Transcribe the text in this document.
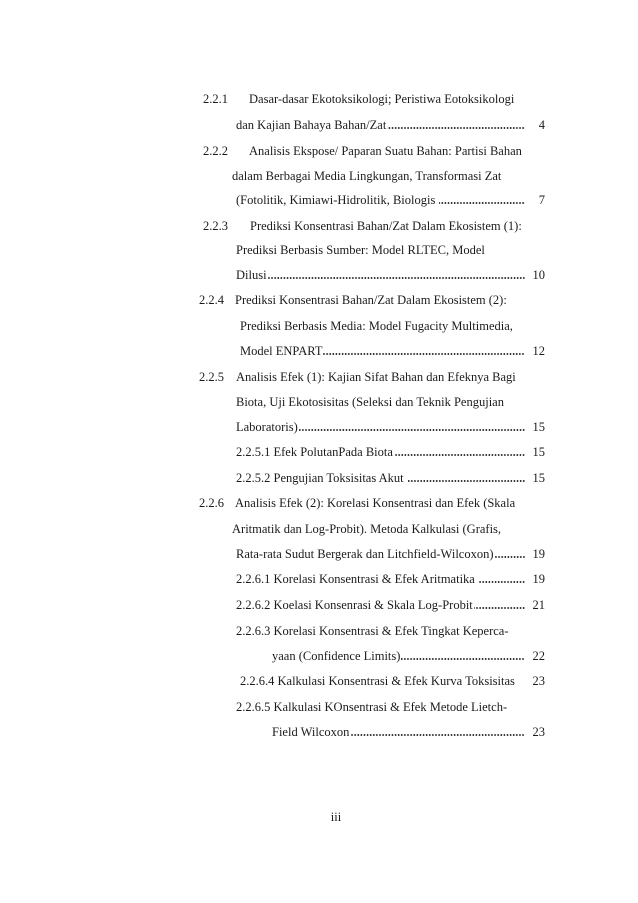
2.2.1 Dasar-dasar Ekotoksikologi; Peristiwa Eotoksikologi
dan Kajian Bahaya Bahan/Zat	4
2.2.2 Analisis Ekspose/ Paparan Suatu Bahan: Partisi Bahan
dalam Berbagai Media Lingkungan, Transformasi Zat
(Fotolitik, Kimiawi-Hidrolitik, Biologis	7
2.2.3 Prediksi Konsentrasi Bahan/Zat Dalam Ekosistem (1):
Prediksi Berbasis Sumber: Model RLTEC, Model
Dilusi	10
2.2.4 Prediksi Konsentrasi Bahan/Zat Dalam Ekosistem (2):
Prediksi Berbasis Media: Model Fugacity Multimedia,
Model ENPART	12
2.2.5 Analisis Efek (1): Kajian Sifat Bahan dan Efeknya Bagi
Biota, Uji Ekotosisitas (Seleksi dan Teknik Pengujian
Laboratoris)	15
2.2.5.1 Efek PolutanPada Biota	15
2.2.5.2 Pengujian Toksisitas Akut	15
2.2.6 Analisis Efek (2): Korelasi Konsentrasi dan Efek (Skala
Aritmatik dan Log-Probit). Metoda Kalkulasi (Grafis,
Rata-rata Sudut Bergerak dan Litchfield-Wilcoxon)	19
2.2.6.1 Korelasi Konsentrasi & Efek Aritmatika	19
2.2.6.2 Koelasi Konsenrasi & Skala Log-Probit	21
2.2.6.3 Korelasi Konsentrasi & Efek Tingkat Keperca-
yaan (Confidence Limits)	22
2.2.6.4 Kalkulasi Konsentrasi & Efek Kurva Toksisitas	23
2.2.6.5 Kalkulasi KOnsentrasi & Efek Metode Lietch-
Field Wilcoxon	23
iii
